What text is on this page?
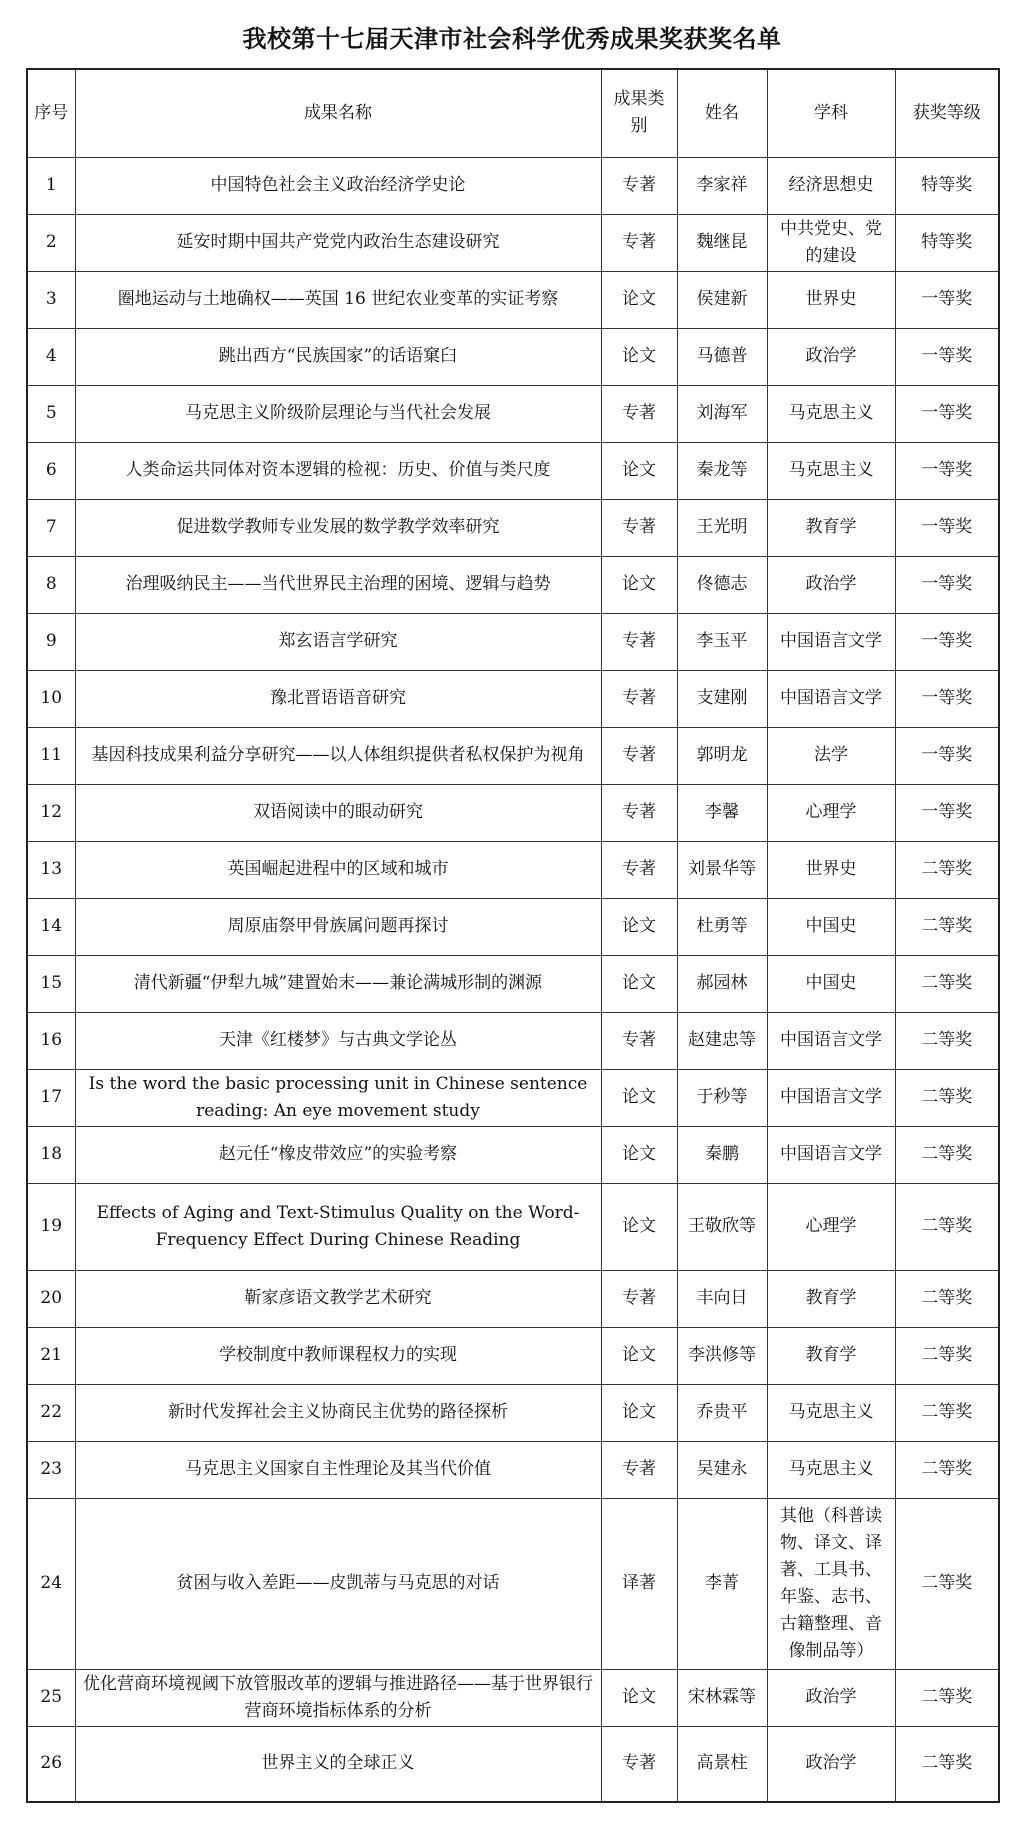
我校第十七届天津市社会科学优秀成果奖获奖名单
序号	成果名称	成果类别	姓名	学科	获奖等级
1	中国特色社会主义政治经济学史论	专著	李家祥	经济思想史	特等奖
2	延安时期中国共产党党内政治生态建设研究	专著	魏继昆	中共党史、党的建设	特等奖
3	圈地运动与土地确权——英国 16 世纪农业变革的实证考察	论文	侯建新	世界史	一等奖
4	跳出西方“民族国家”的话语窠臼	论文	马德普	政治学	一等奖
5	马克思主义阶级阶层理论与当代社会发展	专著	刘海军	马克思主义	一等奖
6	人类命运共同体对资本逻辑的检视：历史、价值与类尺度	论文	秦龙等	马克思主义	一等奖
7	促进数学教师专业发展的数学教学效率研究	专著	王光明	教育学	一等奖
8	治理吸纳民主——当代世界民主治理的困境、逻辑与趋势	论文	佟德志	政治学	一等奖
9	郑玄语言学研究	专著	李玉平	中国语言文学	一等奖
10	豫北晋语语音研究	专著	支建刚	中国语言文学	一等奖
11	基因科技成果利益分享研究——以人体组织提供者私权保护为视角	专著	郭明龙	法学	一等奖
12	双语阅读中的眼动研究	专著	李馨	心理学	一等奖
13	英国崛起进程中的区域和城市	专著	刘景华等	世界史	二等奖
14	周原庙祭甲骨族属问题再探讨	论文	杜勇等	中国史	二等奖
15	清代新疆“伊犁九城”建置始末——兼论满城形制的渊源	论文	郝园林	中国史	二等奖
16	天津《红楼梦》与古典文学论丛	专著	赵建忠等	中国语言文学	二等奖
17	Is the word the basic processing unit in Chinese sentence reading: An eye movement study	论文	于秒等	中国语言文学	二等奖
18	赵元任“橡皮带效应”的实验考察	论文	秦鹏	中国语言文学	二等奖
19	Effects of Aging and Text-Stimulus Quality on the Word-Frequency Effect During Chinese Reading	论文	王敬欣等	心理学	二等奖
20	靳家彦语文教学艺术研究	专著	丰向日	教育学	二等奖
21	学校制度中教师课程权力的实现	论文	李洪修等	教育学	二等奖
22	新时代发挥社会主义协商民主优势的路径探析	论文	乔贵平	马克思主义	二等奖
23	马克思主义国家自主性理论及其当代价值	专著	吴建永	马克思主义	二等奖
24	贫困与收入差距——皮凯蒂与马克思的对话	译著	李菁	其他（科普读物、译文、译著、工具书、年鉴、志书、古籍整理、音像制品等）	二等奖
25	优化营商环境视阈下放管服改革的逻辑与推进路径——基于世界银行营商环境指标体系的分析	论文	宋林霖等	政治学	二等奖
26	世界主义的全球正义	专著	高景柱	政治学	二等奖
